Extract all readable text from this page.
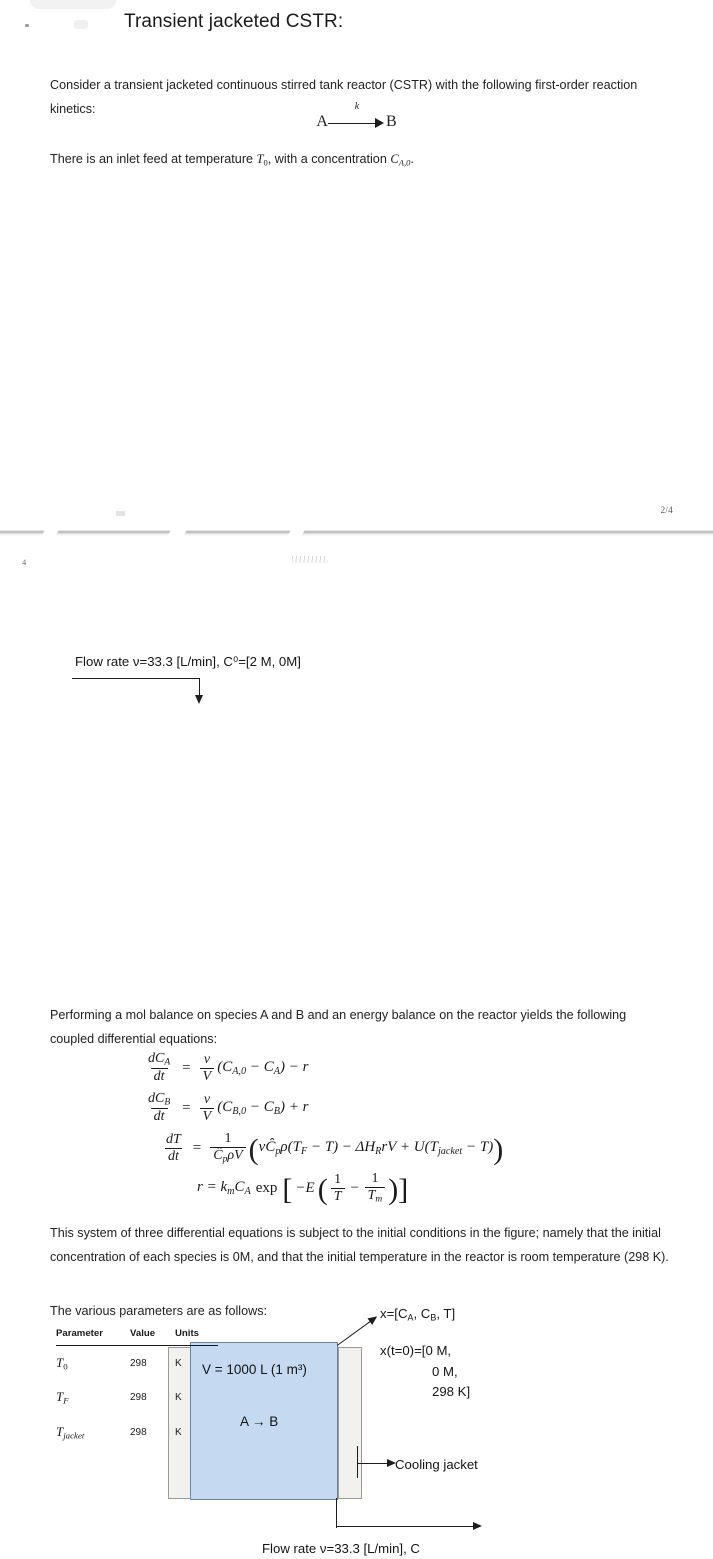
Transient jacketed CSTR:
Consider a transient jacketed continuous stirred tank reactor (CSTR) with the following first-order reaction kinetics:
A
k
B
There is an inlet feed at temperature $T_0$, with a concentration $C_{A,0}$.
2/4
4
Flow rate ν=33.3 [L/min], C⁰=[2 M, 0M]
V = 1000 L (1 m³)
A → B
$x=[C_A$, $C_B$, T]
x(t=0)=[0 M,
0 M,
298 K]
Cooling jacket
Flow rate ν=33.3 [L/min], C
Performing a mol balance on species A and B and an energy balance on the reactor yields the following coupled differential equations:
$\frac{dC_A}{dt} = \frac{\nu}{V} (C_{A,0} - C_A) - r$
$\frac{dC_B}{dt} = \frac{\nu}{V} (C_{B,0} - C_B) + r$
$\frac{dT}{dt} = \frac{1}{Ĉ_p\rho V}$ ( $\nu Ĉ_p\rho(T_F - T) - \Delta H_RrV + U(T_{jacket} - T)$ )
$r = k_mC_A$ exp [ −E ( $\frac{1}{T} - \frac{1}{T_m}$ ) ]
This system of three differential equations is subject to the initial conditions in the figure; namely that the initial concentration of each species is 0M, and that the initial temperature in the reactor is room temperature (298 K).
The various parameters are as follows:
Parameter	Value	Units
$T_0$	298	K
$T_F$	298	K
$T_{jacket}$	298	K
